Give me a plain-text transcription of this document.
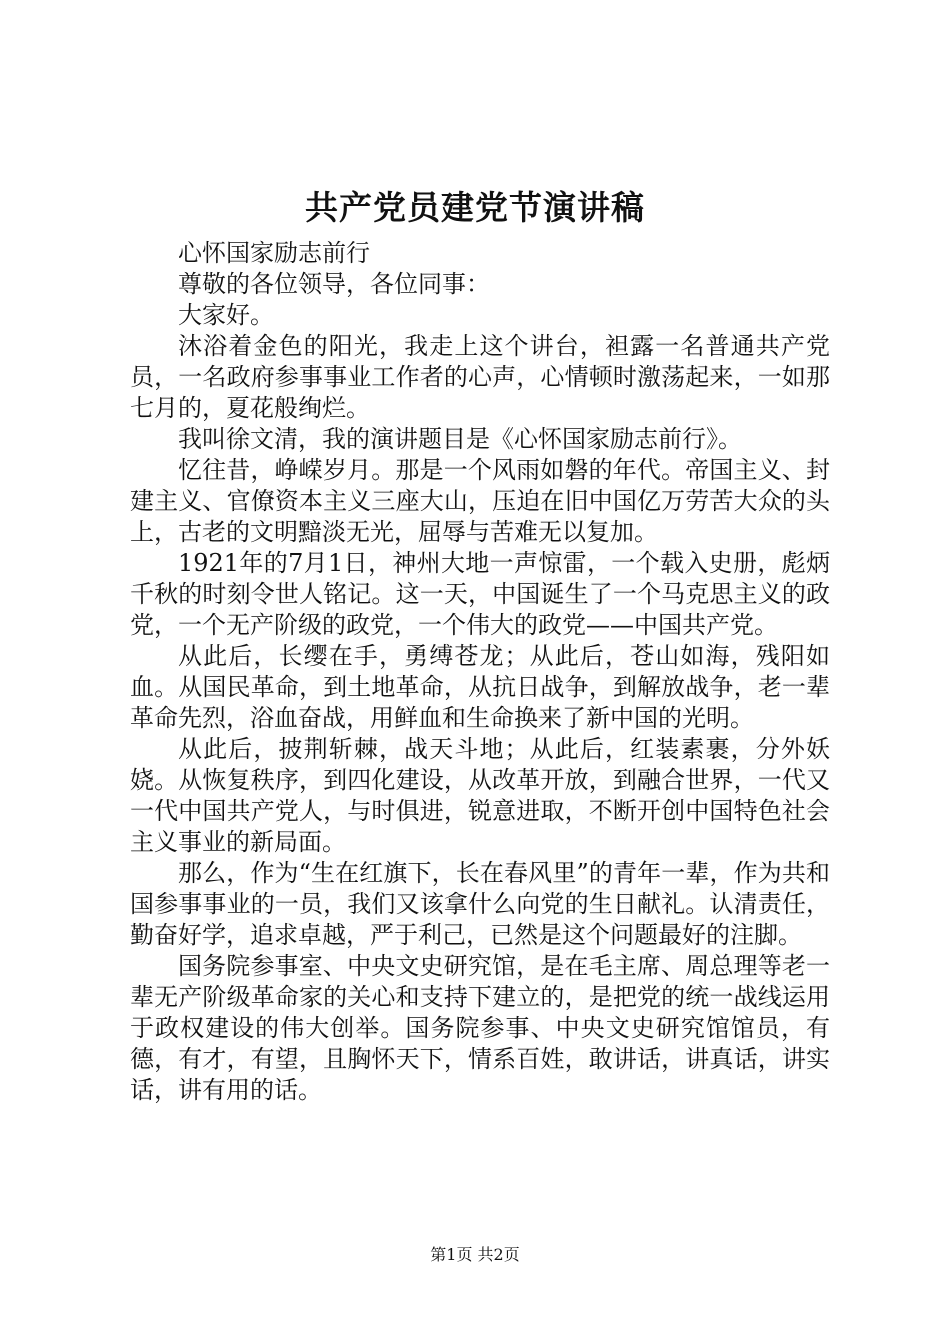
共产党员建党节演讲稿

心怀国家励志前行

尊敬的各位领导，各位同事：

大家好。

沐浴着金色的阳光，我走上这个讲台，袒露一名普通共产党员，一名政府参事事业工作者的心声，心情顿时激荡起来，一如那七月的，夏花般绚烂。

我叫徐文清，我的演讲题目是《心怀国家励志前行》。

忆往昔，峥嵘岁月。那是一个风雨如磐的年代。帝国主义、封建主义、官僚资本主义三座大山，压迫在旧中国亿万劳苦大众的头上，古老的文明黯淡无光，屈辱与苦难无以复加。

1921年的7月1日，神州大地一声惊雷，一个载入史册，彪炳千秋的时刻令世人铭记。这一天，中国诞生了一个马克思主义的政党，一个无产阶级的政党，一个伟大的政党——中国共产党。

从此后，长缨在手，勇缚苍龙；从此后，苍山如海，残阳如血。从国民革命，到土地革命，从抗日战争，到解放战争，老一辈革命先烈，浴血奋战，用鲜血和生命换来了新中国的光明。

从此后，披荆斩棘，战天斗地；从此后，红装素裹，分外妖娆。从恢复秩序，到四化建设，从改革开放，到融合世界，一代又一代中国共产党人，与时俱进，锐意进取，不断开创中国特色社会主义事业的新局面。

那么，作为“生在红旗下，长在春风里”的青年一辈，作为共和国参事事业的一员，我们又该拿什么向党的生日献礼。认清责任，勤奋好学，追求卓越，严于利己，已然是这个问题最好的注脚。

国务院参事室、中央文史研究馆，是在毛主席、周总理等老一辈无产阶级革命家的关心和支持下建立的，是把党的统一战线运用于政权建设的伟大创举。国务院参事、中央文史研究馆馆员，有德，有才，有望，且胸怀天下，情系百姓，敢讲话，讲真话，讲实话，讲有用的话。

第1页 共2页
